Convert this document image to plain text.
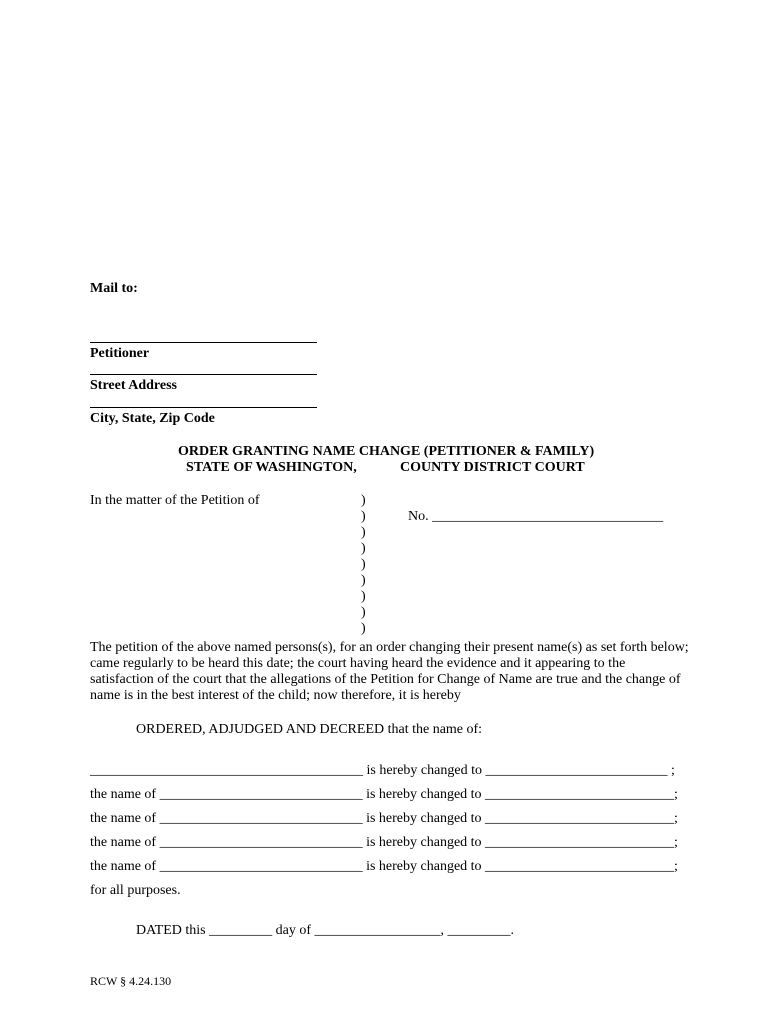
Mail to:
Petitioner
Street Address
City, State, Zip Code
ORDER GRANTING NAME CHANGE (PETITIONER & FAMILY)
STATE OF WASHINGTON,	COUNTY DISTRICT COURT
In the matter of the Petition of	)
)
)
)
)
)
)
)
)
No. _________________________________
The petition of the above named persons(s), for an order changing their present name(s) as set forth below; came regularly to be heard this date; the court having heard the evidence and it appearing to the satisfaction of the court that the allegations of the Petition for Change of Name are true and the change of name is in the best interest of the child; now therefore, it is hereby
ORDERED, ADJUDGED AND DECREED that the name of:
_______________________________________ is hereby changed to __________________________ ;
the name of _____________________________ is hereby changed to ___________________________;
the name of _____________________________ is hereby changed to ___________________________;
the name of _____________________________ is hereby changed to ___________________________;
the name of _____________________________ is hereby changed to ___________________________;
for all purposes.
DATED this _________ day of __________________, _________.
RCW § 4.24.130
